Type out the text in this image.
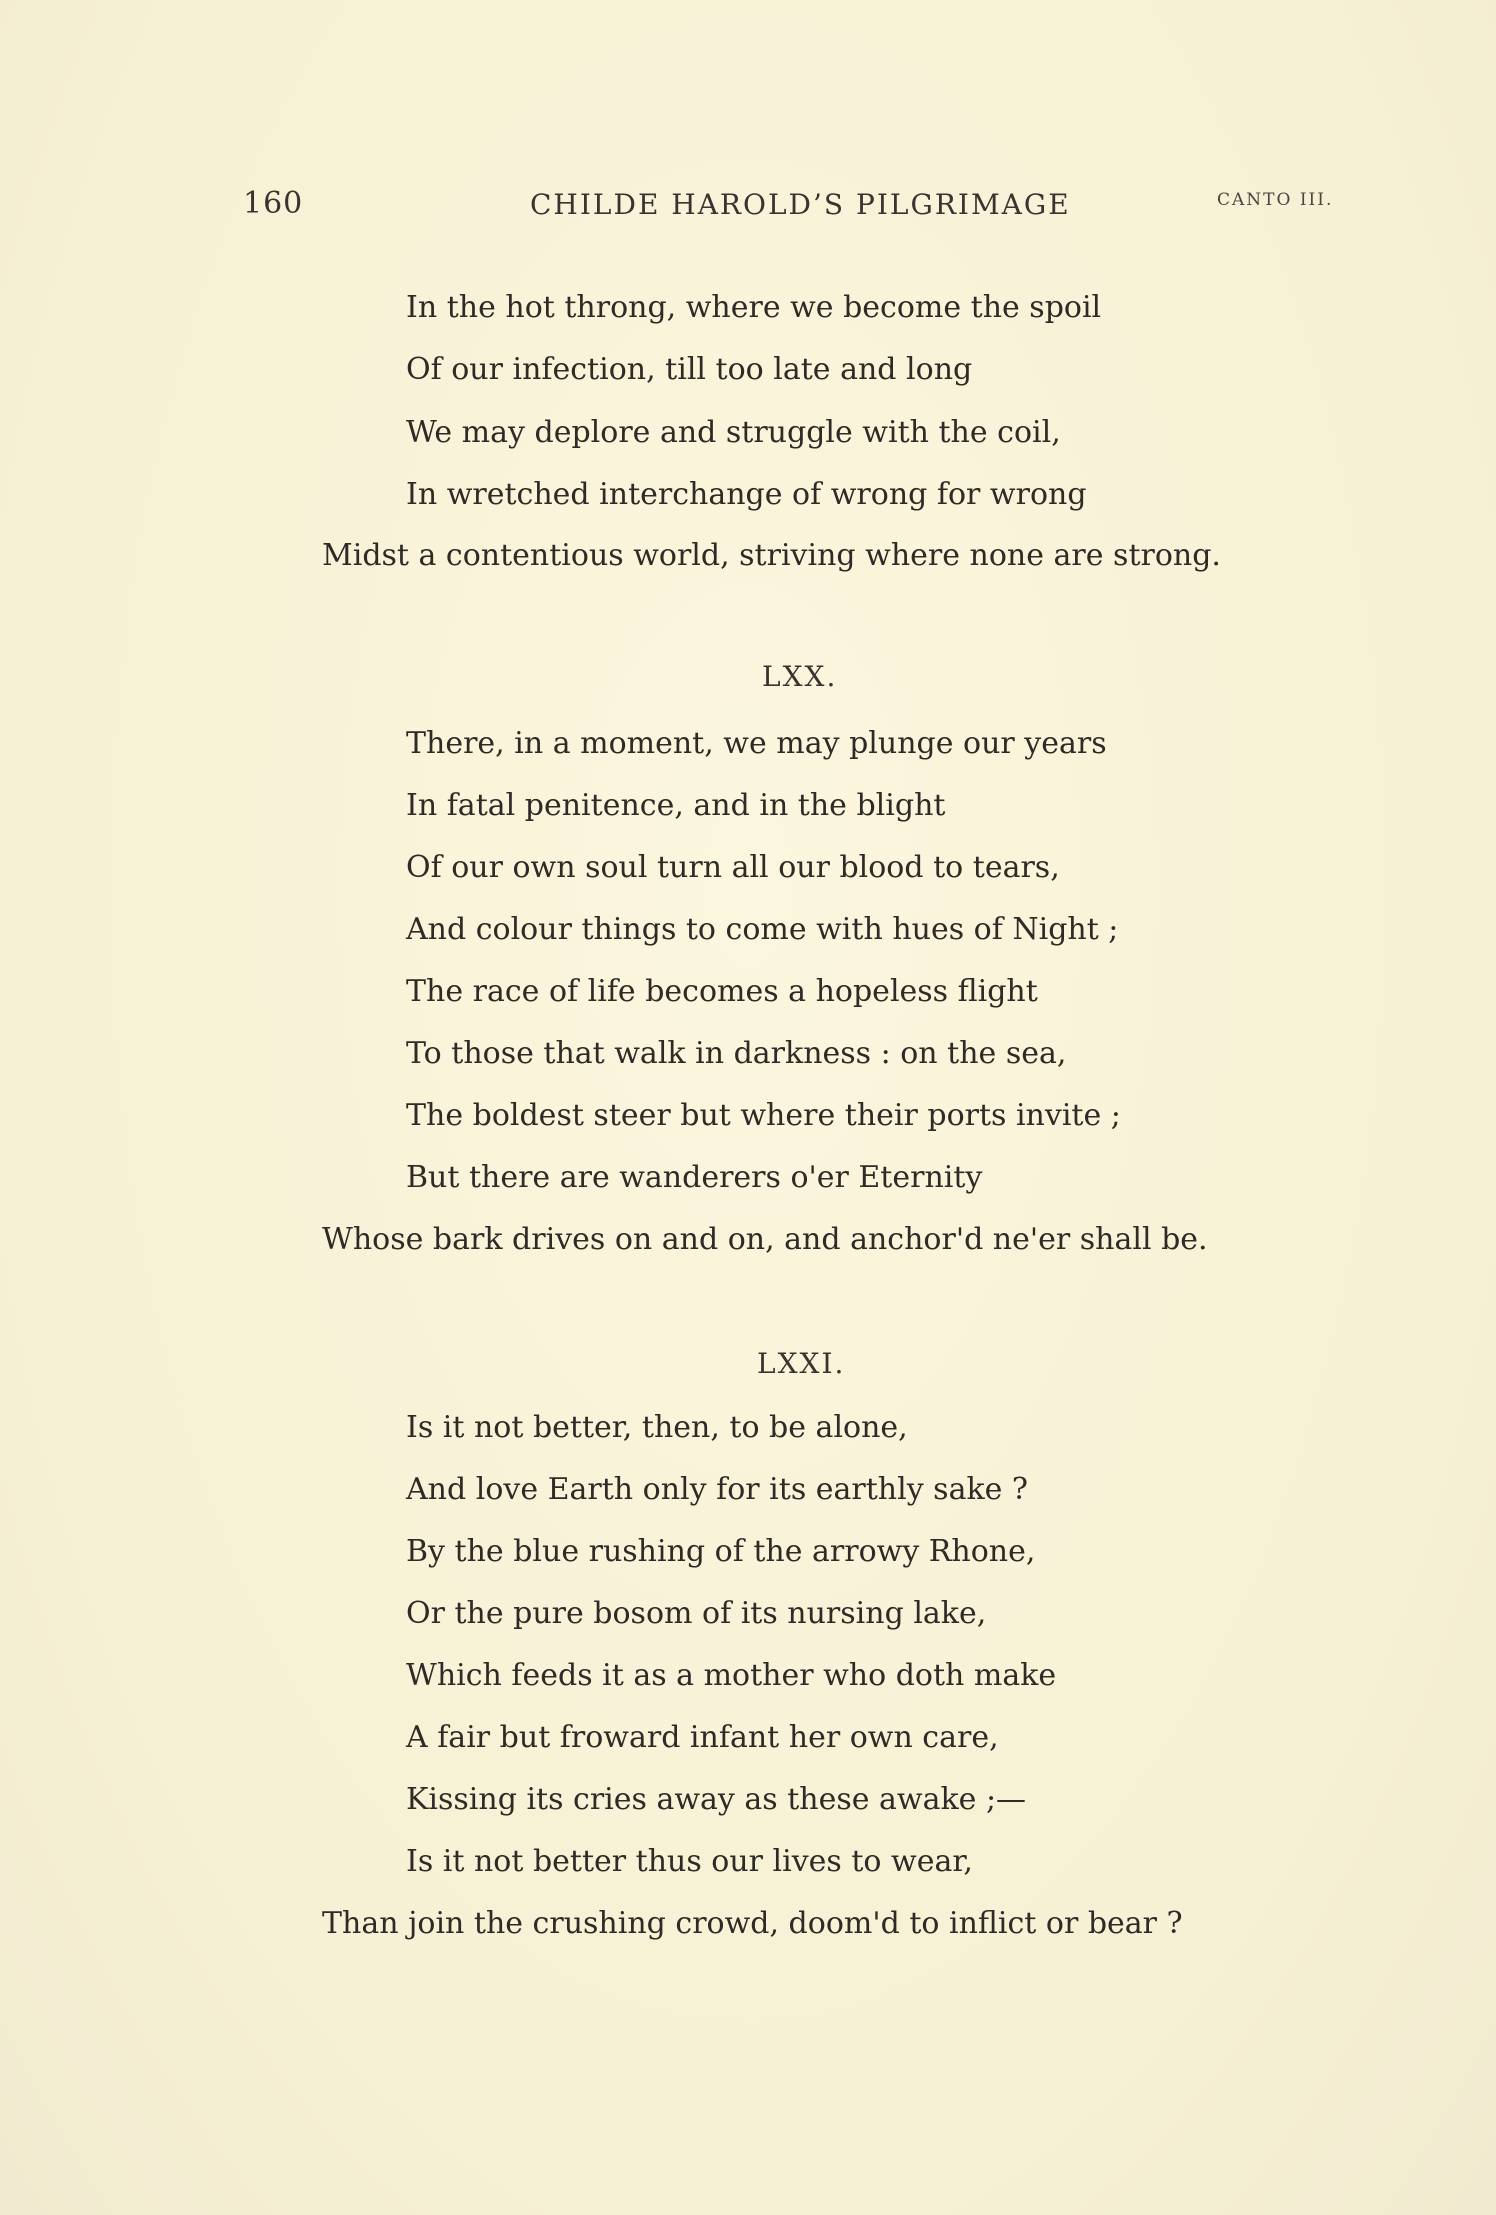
160	CHILDE HAROLD’S PILGRIMAGE	CANTO III.
In the hot throng, where we become the spoil
Of our infection, till too late and long
We may deplore and struggle with the coil,
In wretched interchange of wrong for wrong
Midst a contentious world, striving where none are strong.
LXX.
There, in a moment, we may plunge our years
In fatal penitence, and in the blight
Of our own soul turn all our blood to tears,
And colour things to come with hues of Night ;
The race of life becomes a hopeless flight
To those that walk in darkness : on the sea,
The boldest steer but where their ports invite ;
But there are wanderers o'er Eternity
Whose bark drives on and on, and anchor'd ne'er shall be.
LXXI.
Is it not better, then, to be alone,
And love Earth only for its earthly sake ?
By the blue rushing of the arrowy Rhone,
Or the pure bosom of its nursing lake,
Which feeds it as a mother who doth make
A fair but froward infant her own care,
Kissing its cries away as these awake ;—
Is it not better thus our lives to wear,
Than join the crushing crowd, doom'd to inflict or bear ?
